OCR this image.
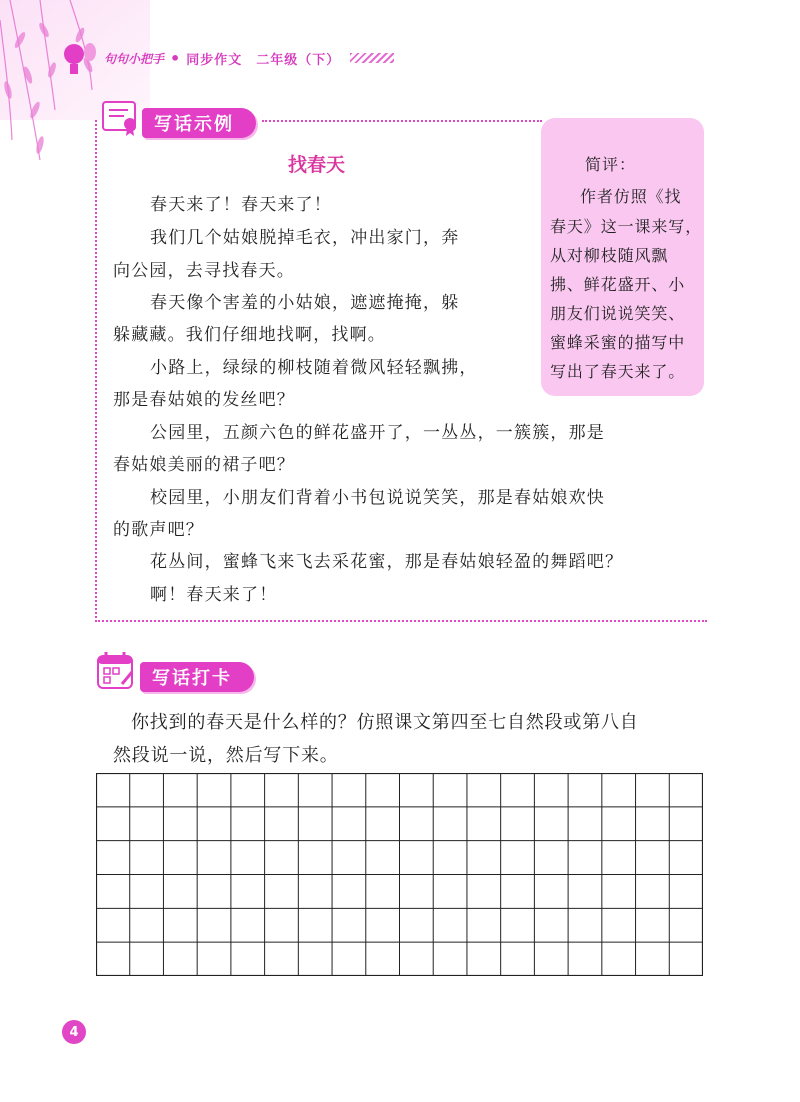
句句小把手 • 同步作文 二年级（下）
写话示例
找春天
春天来了！春天来了！
我们几个姑娘脱掉毛衣，冲出家门，奔
向公园，去寻找春天。
春天像个害羞的小姑娘，遮遮掩掩，躲
躲藏藏。我们仔细地找啊，找啊。
小路上，绿绿的柳枝随着微风轻轻飘拂，
那是春姑娘的发丝吧？
公园里，五颜六色的鲜花盛开了，一丛丛，一簇簇，那是
春姑娘美丽的裙子吧？
校园里，小朋友们背着小书包说说笑笑，那是春姑娘欢快
的歌声吧？
花丛间，蜜蜂飞来飞去采花蜜，那是春姑娘轻盈的舞蹈吧？
啊！春天来了！
简评：
作者仿照《找
春天》这一课来写，
从对柳枝随风飘
拂、鲜花盛开、小
朋友们说说笑笑、
蜜蜂采蜜的描写中
写出了春天来了。
写话打卡
你找到的春天是什么样的？仿照课文第四至七自然段或第八自
然段说一说，然后写下来。
4
